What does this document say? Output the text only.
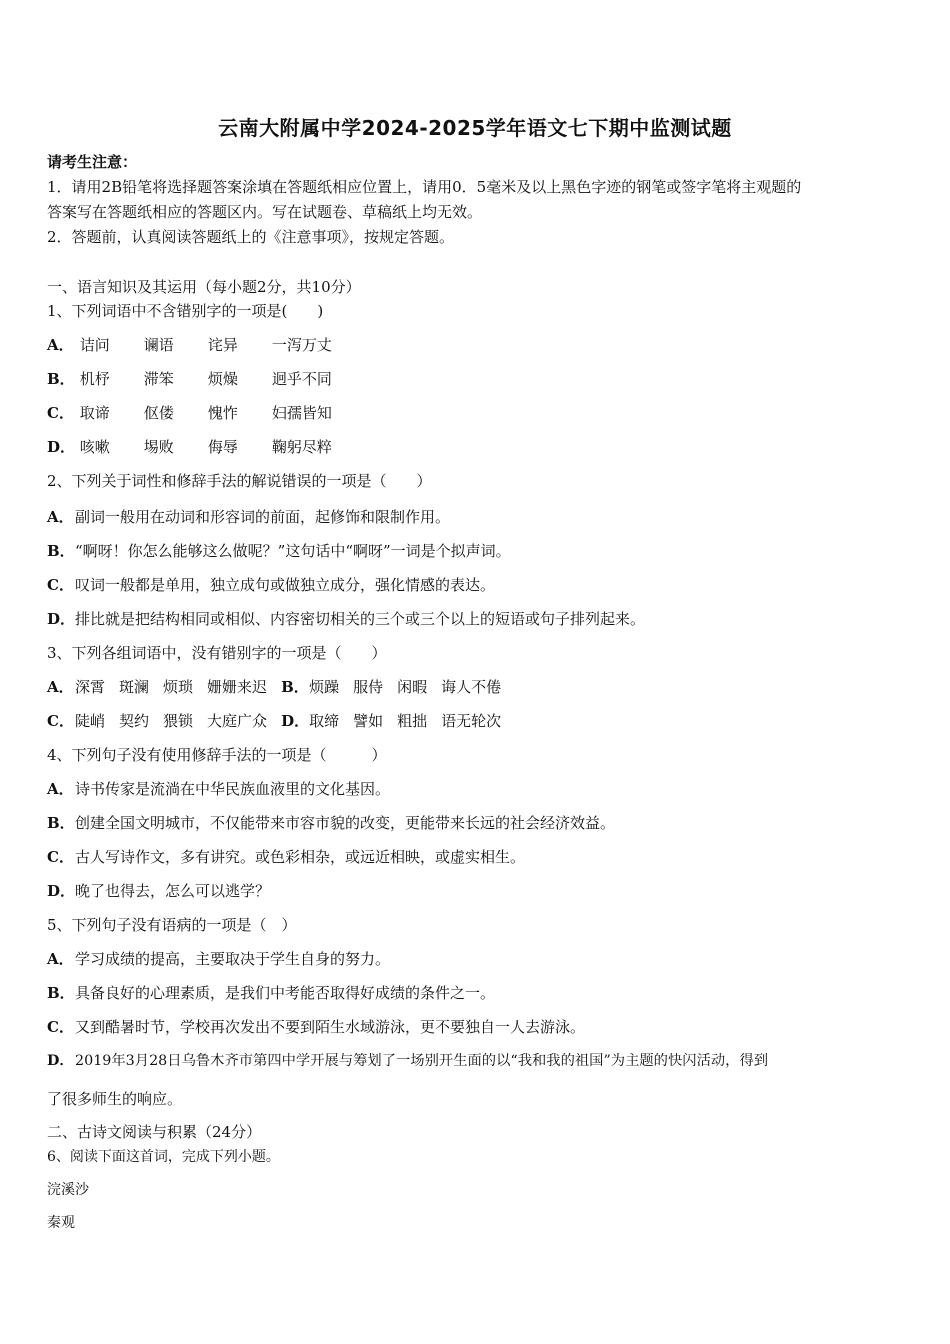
云南大附属中学2024-2025学年语文七下期中监测试题
请考生注意：
1．请用2B铅笔将选择题答案涂填在答题纸相应位置上，请用0．5毫米及以上黑色字迹的钢笔或签字笔将主观题的
答案写在答题纸相应的答题区内。写在试题卷、草稿纸上均无效。
2．答题前，认真阅读答题纸上的《注意事项》，按规定答题。
一、语言知识及其运用（每小题2分，共10分）
1、下列词语中不含错别字的一项是(　　)
A． 诘问 谰语 诧异 一泻万丈
B． 机杼 滞笨 烦燥 迥乎不同
C． 取谛 伛偻 愧怍 妇孺皆知
D． 咳嗽 埸败 侮辱 鞠躬尽粹
2、下列关于词性和修辞手法的解说错误的一项是（　　）
A．副词一般用在动词和形容词的前面，起修饰和限制作用。
B．“啊呀！你怎么能够这么做呢？”这句话中“啊呀”一词是个拟声词。
C．叹词一般都是单用，独立成句或做独立成分，强化情感的表达。
D．排比就是把结构相同或相似、内容密切相关的三个或三个以上的短语或句子排列起来。
3、下列各组词语中，没有错别字的一项是（　　）
A．深霄 斑澜 烦琐 姗姗来迟 B．烦躁 服侍 闲暇 诲人不倦
C．陡峭 契约 猥锁 大庭广众 D．取缔 譬如 粗拙 语无轮次
4、下列句子没有使用修辞手法的一项是（　　　）
A．诗书传家是流淌在中华民族血液里的文化基因。
B．创建全国文明城市，不仅能带来市容市貌的改变，更能带来长远的社会经济效益。
C．古人写诗作文，多有讲究。或色彩相杂，或远近相映，或虚实相生。
D．晚了也得去，怎么可以逃学？
5、下列句子没有语病的一项是（　）
A．学习成绩的提高，主要取决于学生自身的努力。
B．具备良好的心理素质，是我们中考能否取得好成绩的条件之一。
C．又到酷暑时节，学校再次发出不要到陌生水域游泳，更不要独自一人去游泳。
D．2019年3月28日乌鲁木齐市第四中学开展与筹划了一场别开生面的以“我和我的祖国”为主题的快闪活动，得到
了很多师生的响应。
二、古诗文阅读与积累（24分）
6、阅读下面这首词，完成下列小题。
浣溪沙
秦观
